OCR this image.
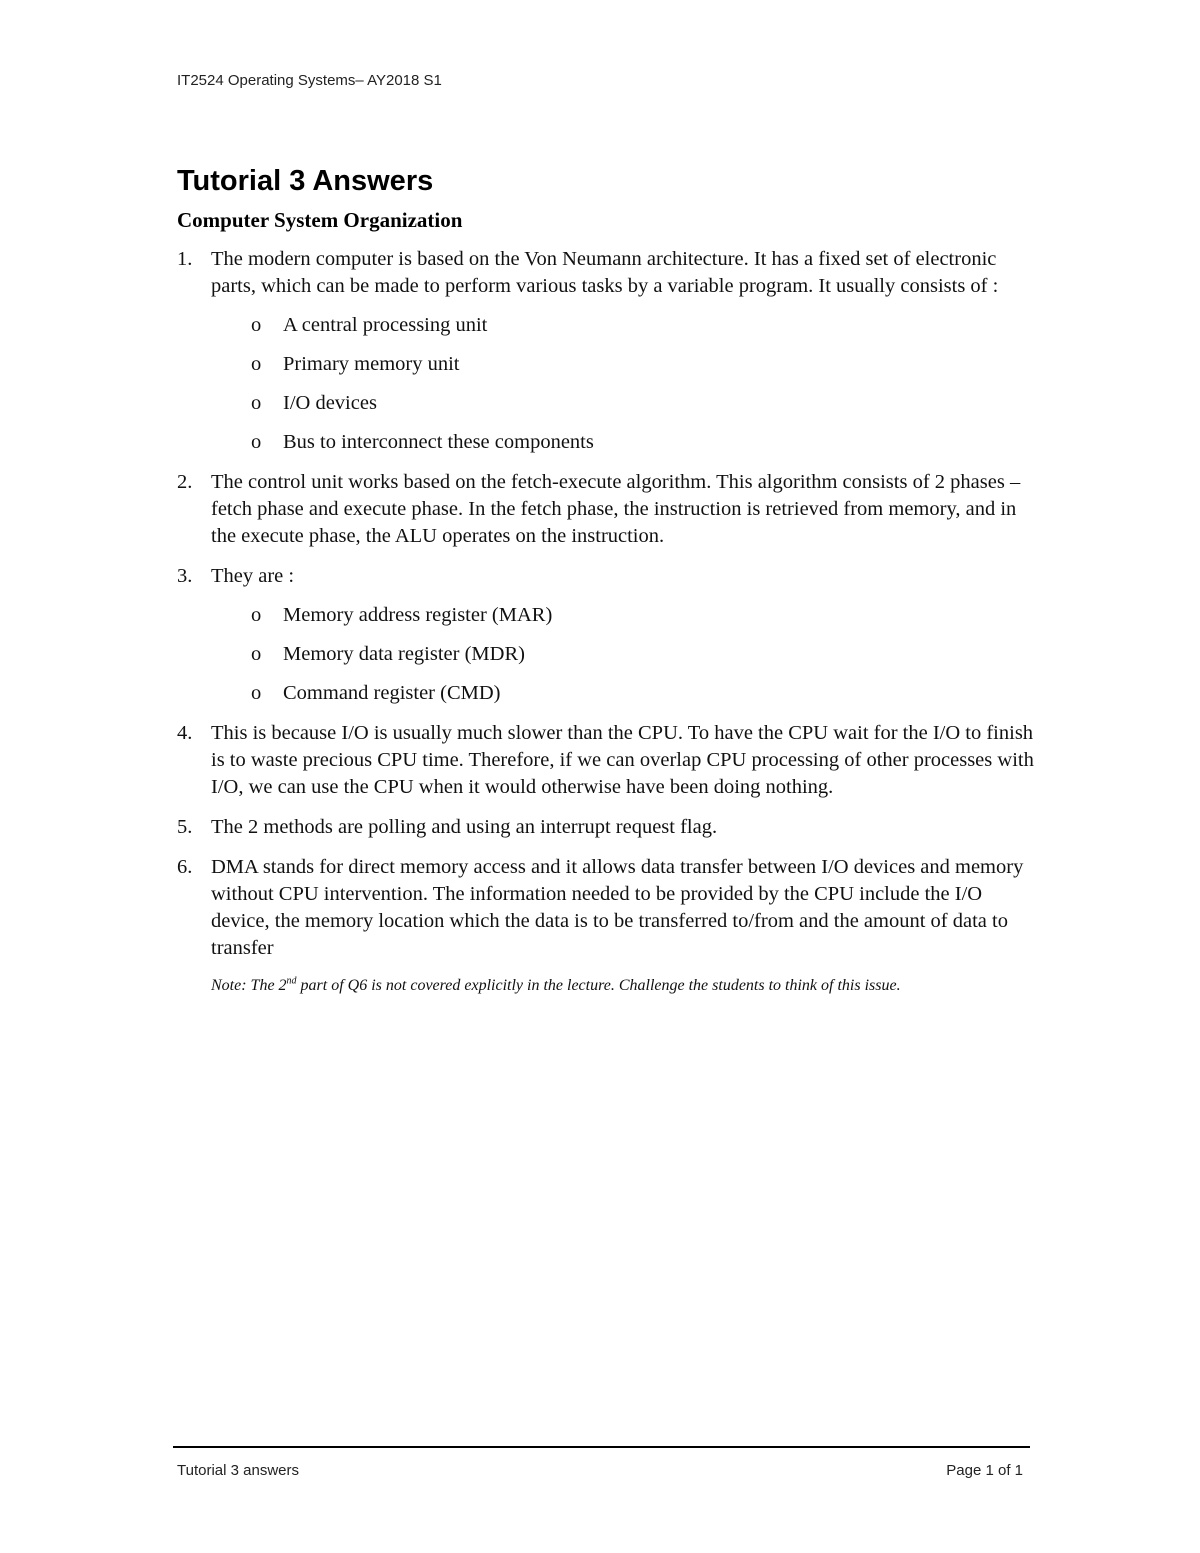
IT2524 Operating Systems– AY2018 S1
Tutorial 3 Answers
Computer System Organization
1. The modern computer is based on the Von Neumann architecture. It has a fixed set of electronic parts, which can be made to perform various tasks by a variable program. It usually consists of :
o A central processing unit
o Primary memory unit
o I/O devices
o Bus to interconnect these components
2. The control unit works based on the fetch-execute algorithm. This algorithm consists of 2 phases – fetch phase and execute phase. In the fetch phase, the instruction is retrieved from memory, and in the execute phase, the ALU operates on the instruction.
3. They are :
o Memory address register (MAR)
o Memory data register (MDR)
o Command register (CMD)
4. This is because I/O is usually much slower than the CPU. To have the CPU wait for the I/O to finish is to waste precious CPU time. Therefore, if we can overlap CPU processing of other processes with I/O, we can use the CPU when it would otherwise have been doing nothing.
5. The 2 methods are polling and using an interrupt request flag.
6. DMA stands for direct memory access and it allows data transfer between I/O devices and memory without CPU intervention. The information needed to be provided by the CPU include the I/O device, the memory location which the data is to be transferred to/from and the amount of data to transfer
Note: The 2nd part of Q6 is not covered explicitly in the lecture. Challenge the students to think of this issue.
Tutorial 3 answers	Page 1 of 1
